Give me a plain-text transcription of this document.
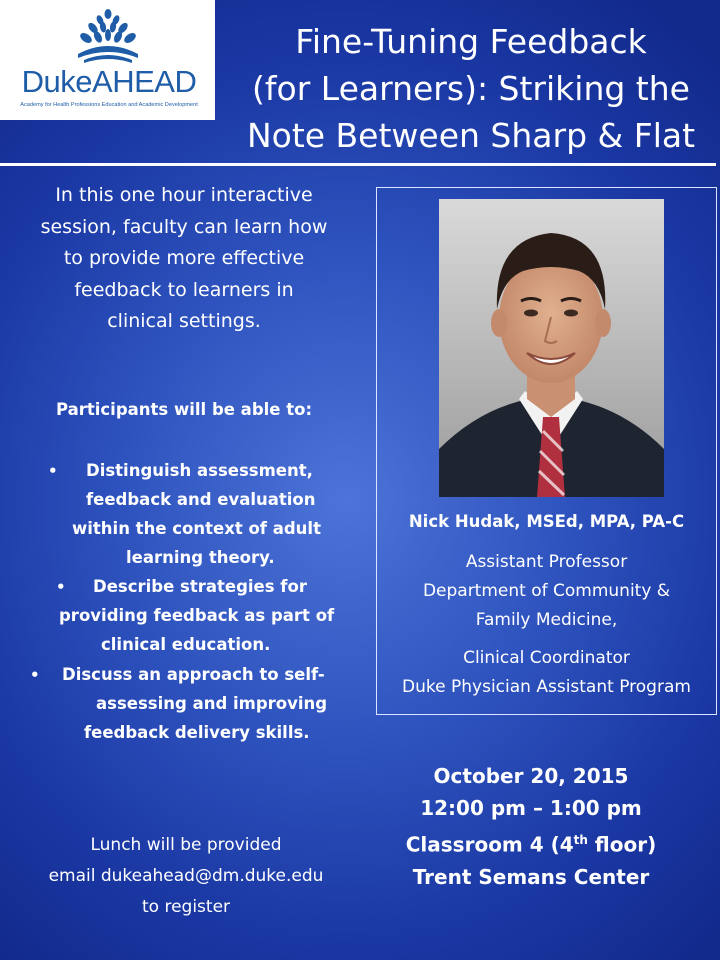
DukeAHEAD
Academy for Health Professions Education and Academic Development
Fine-Tuning Feedback
(for Learners): Striking the
Note Between Sharp & Flat
In this one hour interactive
session, faculty can learn how
to provide more effective
feedback to learners in
clinical settings.
Participants will be able to:
• Distinguish assessment,
feedback and evaluation
within the context of adult
learning theory.
• Describe strategies for
providing feedback as part of
clinical education.
• Discuss an approach to self-
assessing and improving
feedback delivery skills.
Nick Hudak, MSEd, MPA, PA-C
Assistant Professor
Department of Community &
Family Medicine,
Clinical Coordinator
Duke Physician Assistant Program
October 20, 2015
12:00 pm – 1:00 pm
Classroom 4 (4th floor)
Trent Semans Center
Lunch will be provided
email dukeahead@dm.duke.edu
to register
